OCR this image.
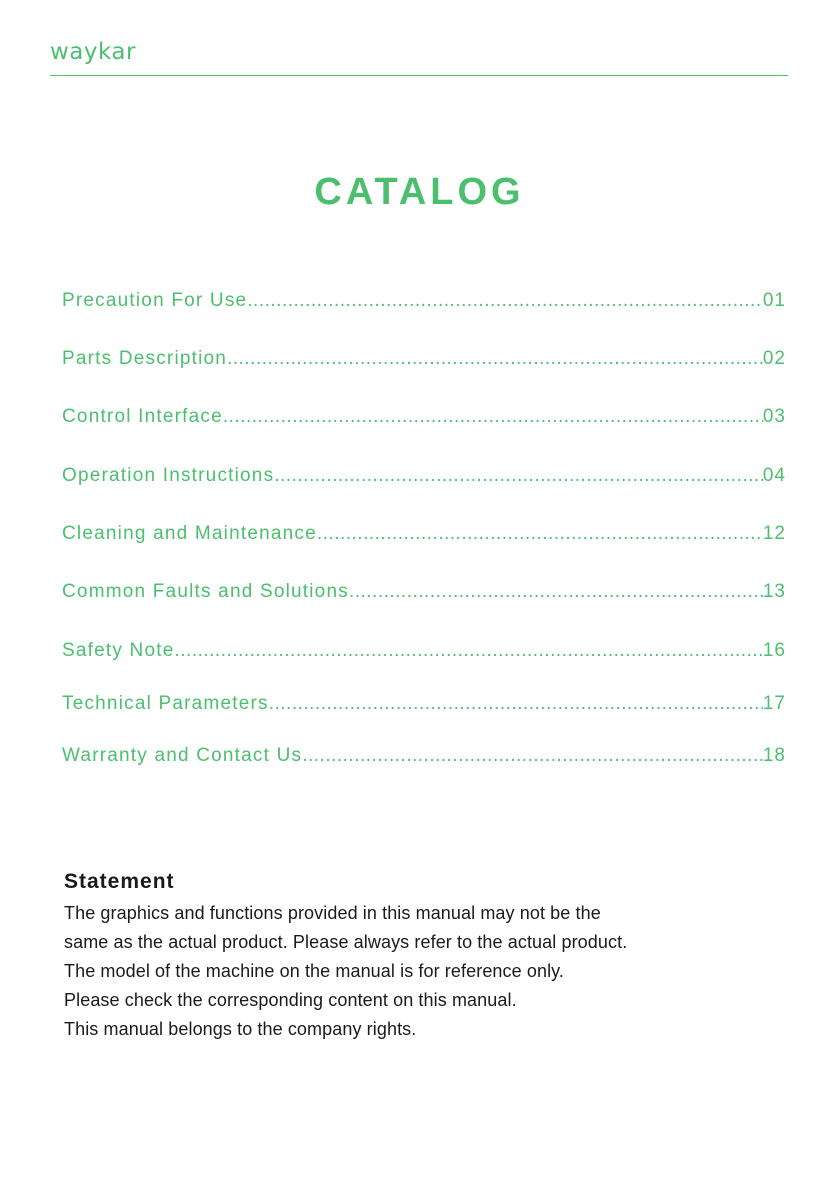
waykar
CATALOG
Precaution For Use .....	01
Parts Description .....	02
Control Interface .....	03
Operation Instructions .....	04
Cleaning and Maintenance .....	12
Common Faults and Solutions .....	13
Safety Note .....	16
Technical Parameters .....	17
Warranty and Contact Us .....	18
Statement
The graphics and functions provided in this manual may not be the
same as the actual product. Please always refer to the actual product.
The model of the machine on the manual is for reference only.
Please check the corresponding content on this manual.
This manual belongs to the company rights.
